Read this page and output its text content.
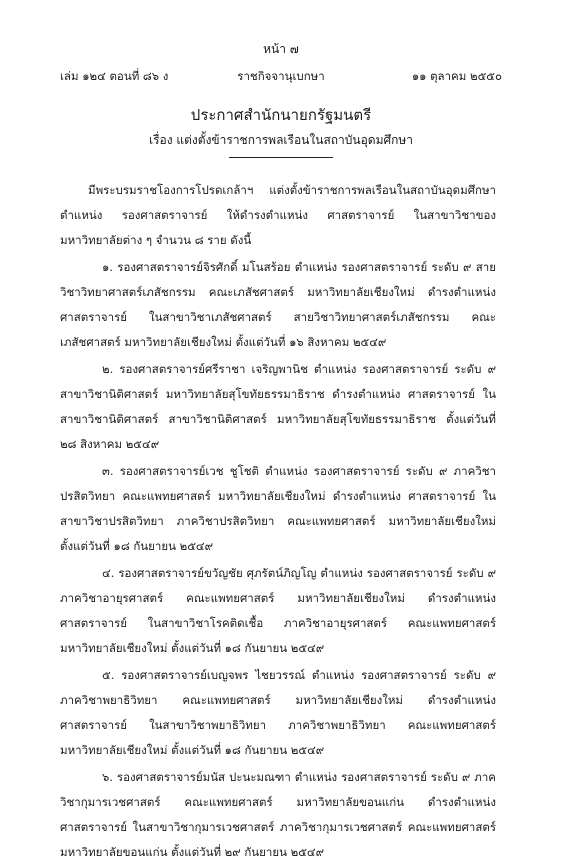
หน้า ๗
เล่ม ๑๒๔ ตอนที่ ๘๖ ง	ราชกิจจานุเบกษา	๑๑ ตุลาคม ๒๕๕๐
ประกาศสำนักนายกรัฐมนตรี
เรื่อง แต่งตั้งข้าราชการพลเรือนในสถาบันอุดมศึกษา

มีพระบรมราชโองการโปรดเกล้าฯ แต่งตั้งข้าราชการพลเรือนในสถาบันอุดมศึกษา ตำแหน่ง รองศาสตราจารย์ ให้ดำรงตำแหน่ง ศาสตราจารย์ ในสาขาวิชาของมหาวิทยาลัยต่าง ๆ จำนวน ๘ ราย ดังนี้

๑. รองศาสตราจารย์จิรศักดิ์ มโนสร้อย ตำแหน่ง รองศาสตราจารย์ ระดับ ๙ สายวิชาวิทยาศาสตร์เภสัชกรรม คณะเภสัชศาสตร์ มหาวิทยาลัยเชียงใหม่ ดำรงตำแหน่ง ศาสตราจารย์ ในสาขาวิชาเภสัชศาสตร์ สายวิชาวิทยาศาสตร์เภสัชกรรม คณะเภสัชศาสตร์ มหาวิทยาลัยเชียงใหม่ ตั้งแต่วันที่ ๑๖ สิงหาคม ๒๕๔๙

๒. รองศาสตราจารย์ศรีราชา เจริญพานิช ตำแหน่ง รองศาสตราจารย์ ระดับ ๙ สาขาวิชานิติศาสตร์ มหาวิทยาลัยสุโขทัยธรรมาธิราช ดำรงตำแหน่ง ศาสตราจารย์ ในสาขาวิชานิติศาสตร์ สาขาวิชานิติศาสตร์ มหาวิทยาลัยสุโขทัยธรรมาธิราช ตั้งแต่วันที่ ๒๘ สิงหาคม ๒๕๔๙

๓. รองศาสตราจารย์เวช ชูโชติ ตำแหน่ง รองศาสตราจารย์ ระดับ ๙ ภาควิชาปรสิตวิทยา คณะแพทยศาสตร์ มหาวิทยาลัยเชียงใหม่ ดำรงตำแหน่ง ศาสตราจารย์ ในสาขาวิชาปรสิตวิทยา ภาควิชาปรสิตวิทยา คณะแพทยศาสตร์ มหาวิทยาลัยเชียงใหม่ ตั้งแต่วันที่ ๑๘ กันยายน ๒๕๔๙

๔. รองศาสตราจารย์ขวัญชัย ศุภรัตน์ภิญโญ ตำแหน่ง รองศาสตราจารย์ ระดับ ๙ ภาควิชาอายุรศาสตร์ คณะแพทยศาสตร์ มหาวิทยาลัยเชียงใหม่ ดำรงตำแหน่ง ศาสตราจารย์ ในสาขาวิชาโรคติดเชื้อ ภาควิชาอายุรศาสตร์ คณะแพทยศาสตร์ มหาวิทยาลัยเชียงใหม่ ตั้งแต่วันที่ ๑๘ กันยายน ๒๕๔๙

๕. รองศาสตราจารย์เบญจพร ไชยวรรณ์ ตำแหน่ง รองศาสตราจารย์ ระดับ ๙ ภาควิชาพยาธิวิทยา คณะแพทยศาสตร์ มหาวิทยาลัยเชียงใหม่ ดำรงตำแหน่ง ศาสตราจารย์ ในสาขาวิชาพยาธิวิทยา ภาควิชาพยาธิวิทยา คณะแพทยศาสตร์ มหาวิทยาลัยเชียงใหม่ ตั้งแต่วันที่ ๑๘ กันยายน ๒๕๔๙

๖. รองศาสตราจารย์มนัส ปะนะมณฑา ตำแหน่ง รองศาสตราจารย์ ระดับ ๙ ภาควิชากุมารเวชศาสตร์ คณะแพทยศาสตร์ มหาวิทยาลัยขอนแก่น ดำรงตำแหน่ง ศาสตราจารย์ ในสาขาวิชากุมารเวชศาสตร์ ภาควิชากุมารเวชศาสตร์ คณะแพทยศาสตร์ มหาวิทยาลัยขอนแก่น ตั้งแต่วันที่ ๒๙ กันยายน ๒๕๔๙
